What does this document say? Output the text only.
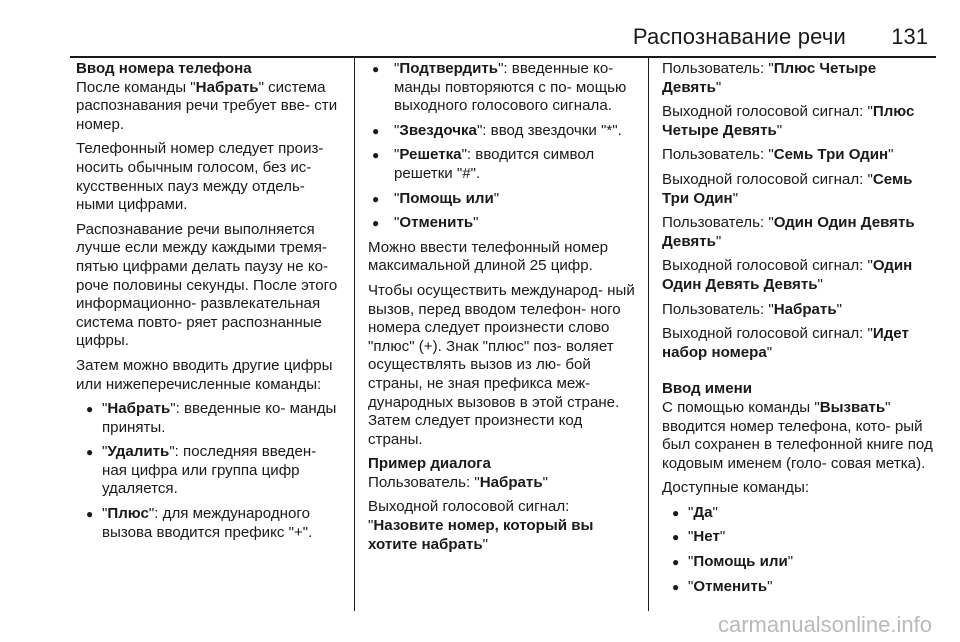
Распознавание речи 131
Ввод номера телефона

После команды "Набрать" система распознавания речи требует вве- сти номер.

Телефонный номер следует произ- носить обычным голосом, без ис- кусственных пауз между отдель- ными цифрами.

Распознавание речи выполняется лучше если между каждыми тремя- пятью цифрами делать паузу не ко- роче половины секунды. После этого информационно- развлекательная система повто- ряет распознанные цифры.

Затем можно вводить другие цифры или нижеперечисленные команды:

● "Набрать": введенные ко- манды приняты.
● "Удалить": последняя введен- ная цифра или группа цифр удаляется.
● "Плюс": для международного вызова вводится префикс "+".
● "Подтвердить": введенные ко- манды повторяются с по- мощью выходного голосового сигнала.
● "Звездочка": ввод звездочки "*".
● "Решетка": вводится символ решетки "#".
● "Помощь или"
● "Отменить"

Можно ввести телефонный номер максимальной длиной 25 цифр.

Чтобы осуществить международ- ный вызов, перед вводом телефон- ного номера следует произнести слово "плюс" (+). Знак "плюс" поз- воляет осуществлять вызов из лю- бой страны, не зная префикса меж- дународных вызовов в этой стране. Затем следует произнести код страны.

Пример диалога

Пользователь: "Набрать"

Выходной голосовой сигнал:
"Назовите номер, который вы хотите набрать"

Пользователь: "Плюс Четыре Девять"

Выходной голосовой сигнал: "Плюс Четыре Девять"

Пользователь: "Семь Три Один"

Выходной голосовой сигнал: "Семь Три Один"

Пользователь: "Один Один Девять Девять"

Выходной голосовой сигнал: "Один Один Девять Девять"

Пользователь: "Набрать"

Выходной голосовой сигнал: "Идет набор номера"

Ввод имени

С помощью команды "Вызвать" вводится номер телефона, кото- рый был сохранен в телефонной книге под кодовым именем (голо- совая метка).

Доступные команды:

● "Да"
● "Нет"
● "Помощь или"
● "Отменить"
carmanualsonline.info
